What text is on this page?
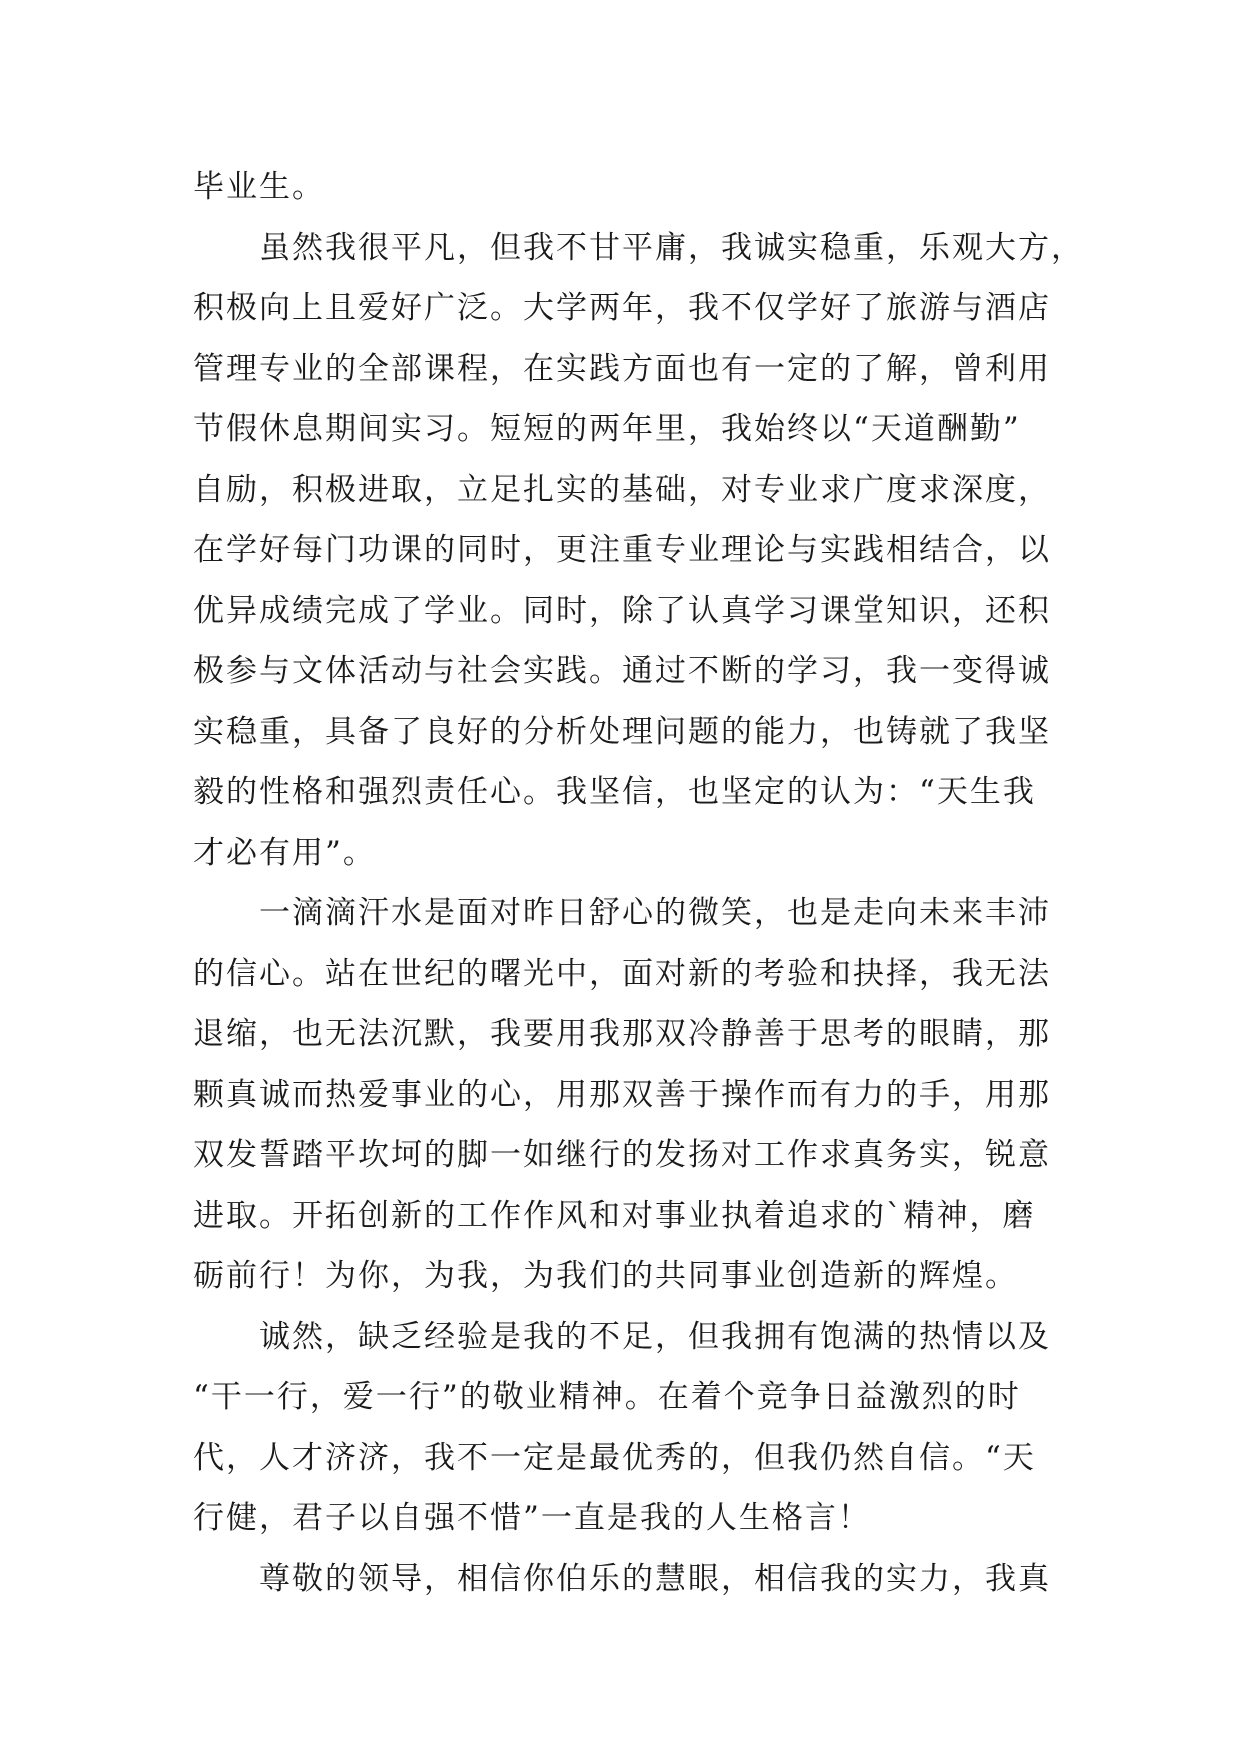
毕业生。
　　虽然我很平凡，但我不甘平庸，我诚实稳重，乐观大方，
积极向上且爱好广泛。大学两年，我不仅学好了旅游与酒店
管理专业的全部课程，在实践方面也有一定的了解，曾利用
节假休息期间实习。短短的两年里，我始终以“天道酬勤”
自励，积极进取，立足扎实的基础，对专业求广度求深度，
在学好每门功课的同时，更注重专业理论与实践相结合，以
优异成绩完成了学业。同时，除了认真学习课堂知识，还积
极参与文体活动与社会实践。通过不断的学习，我一变得诚
实稳重，具备了良好的分析处理问题的能力，也铸就了我坚
毅的性格和强烈责任心。我坚信，也坚定的认为：“天生我
才必有用”。
　　一滴滴汗水是面对昨日舒心的微笑，也是走向未来丰沛
的信心。站在世纪的曙光中，面对新的考验和抉择，我无法
退缩，也无法沉默，我要用我那双冷静善于思考的眼睛，那
颗真诚而热爱事业的心，用那双善于操作而有力的手，用那
双发誓踏平坎坷的脚一如继行的发扬对工作求真务实，锐意
进取。开拓创新的工作作风和对事业执着追求的`精神，磨
砺前行！为你，为我，为我们的共同事业创造新的辉煌。
　　诚然，缺乏经验是我的不足，但我拥有饱满的热情以及
“干一行，爱一行”的敬业精神。在着个竞争日益激烈的时
代，人才济济，我不一定是最优秀的，但我仍然自信。“天
行健，君子以自强不惜”一直是我的人生格言！
　　尊敬的领导，相信你伯乐的慧眼，相信我的实力，我真
